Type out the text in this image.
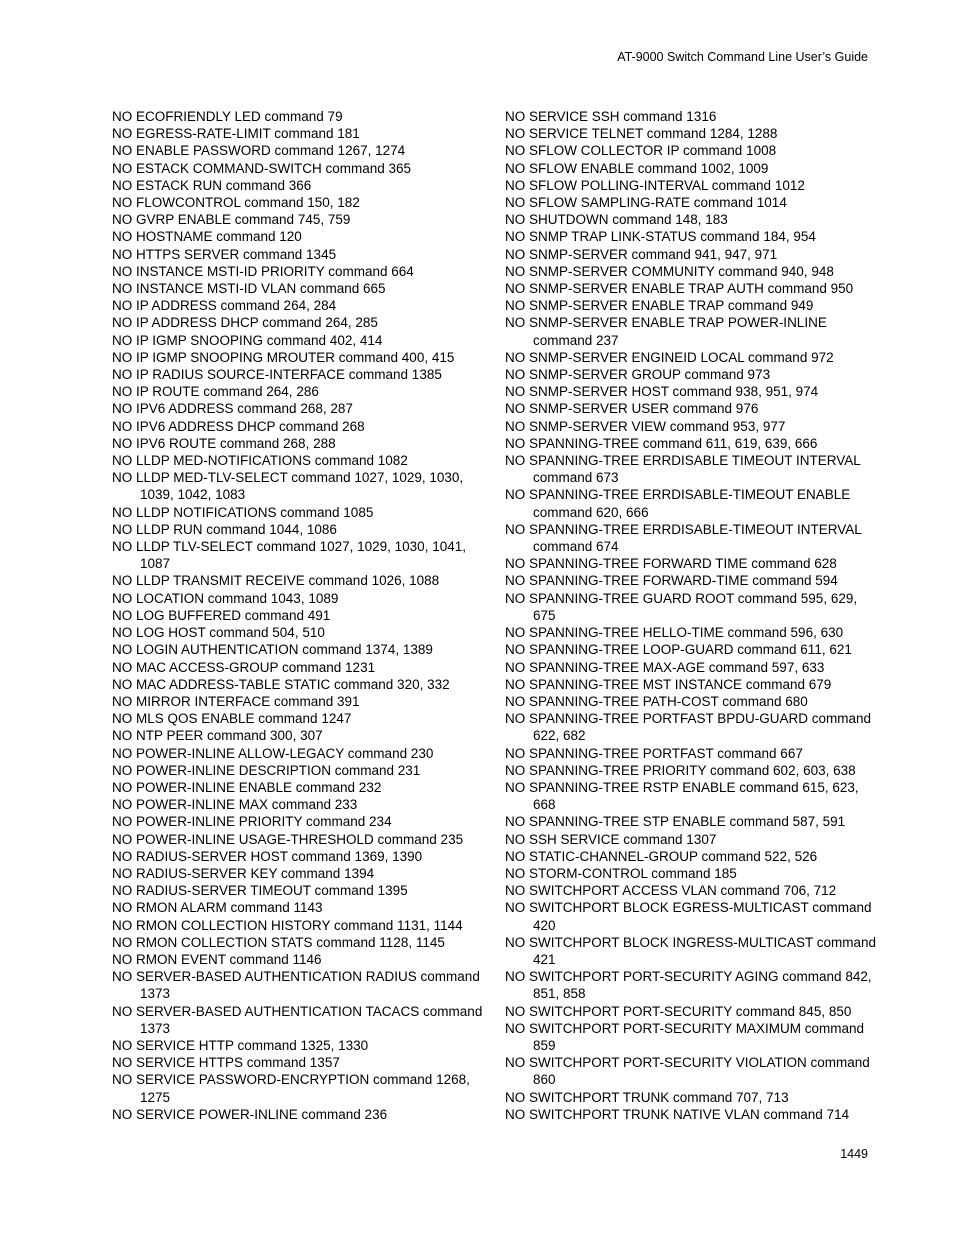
AT-9000 Switch Command Line User’s Guide
NO ECOFRIENDLY LED command 79
NO EGRESS-RATE-LIMIT command 181
NO ENABLE PASSWORD command 1267, 1274
NO ESTACK COMMAND-SWITCH command 365
NO ESTACK RUN command 366
NO FLOWCONTROL command 150, 182
NO GVRP ENABLE command 745, 759
NO HOSTNAME command 120
NO HTTPS SERVER command 1345
NO INSTANCE MSTI-ID PRIORITY command 664
NO INSTANCE MSTI-ID VLAN command 665
NO IP ADDRESS command 264, 284
NO IP ADDRESS DHCP command 264, 285
NO IP IGMP SNOOPING command 402, 414
NO IP IGMP SNOOPING MROUTER command 400, 415
NO IP RADIUS SOURCE-INTERFACE command 1385
NO IP ROUTE command 264, 286
NO IPV6 ADDRESS command 268, 287
NO IPV6 ADDRESS DHCP command 268
NO IPV6 ROUTE command 268, 288
NO LLDP MED-NOTIFICATIONS command 1082
NO LLDP MED-TLV-SELECT command 1027, 1029, 1030, 1039, 1042, 1083
NO LLDP NOTIFICATIONS command 1085
NO LLDP RUN command 1044, 1086
NO LLDP TLV-SELECT command 1027, 1029, 1030, 1041, 1087
NO LLDP TRANSMIT RECEIVE command 1026, 1088
NO LOCATION command 1043, 1089
NO LOG BUFFERED command 491
NO LOG HOST command 504, 510
NO LOGIN AUTHENTICATION command 1374, 1389
NO MAC ACCESS-GROUP command 1231
NO MAC ADDRESS-TABLE STATIC command 320, 332
NO MIRROR INTERFACE command 391
NO MLS QOS ENABLE command 1247
NO NTP PEER command 300, 307
NO POWER-INLINE ALLOW-LEGACY command 230
NO POWER-INLINE DESCRIPTION command 231
NO POWER-INLINE ENABLE command 232
NO POWER-INLINE MAX command 233
NO POWER-INLINE PRIORITY command 234
NO POWER-INLINE USAGE-THRESHOLD command 235
NO RADIUS-SERVER HOST command 1369, 1390
NO RADIUS-SERVER KEY command 1394
NO RADIUS-SERVER TIMEOUT command 1395
NO RMON ALARM command 1143
NO RMON COLLECTION HISTORY command 1131, 1144
NO RMON COLLECTION STATS command 1128, 1145
NO RMON EVENT command 1146
NO SERVER-BASED AUTHENTICATION RADIUS command 1373
NO SERVER-BASED AUTHENTICATION TACACS command 1373
NO SERVICE HTTP command 1325, 1330
NO SERVICE HTTPS command 1357
NO SERVICE PASSWORD-ENCRYPTION command 1268, 1275
NO SERVICE POWER-INLINE command 236
NO SERVICE SSH command 1316
NO SERVICE TELNET command 1284, 1288
NO SFLOW COLLECTOR IP command 1008
NO SFLOW ENABLE command 1002, 1009
NO SFLOW POLLING-INTERVAL command 1012
NO SFLOW SAMPLING-RATE command 1014
NO SHUTDOWN command 148, 183
NO SNMP TRAP LINK-STATUS command 184, 954
NO SNMP-SERVER command 941, 947, 971
NO SNMP-SERVER COMMUNITY command 940, 948
NO SNMP-SERVER ENABLE TRAP AUTH command 950
NO SNMP-SERVER ENABLE TRAP command 949
NO SNMP-SERVER ENABLE TRAP POWER-INLINE command 237
NO SNMP-SERVER ENGINEID LOCAL command 972
NO SNMP-SERVER GROUP command 973
NO SNMP-SERVER HOST command 938, 951, 974
NO SNMP-SERVER USER command 976
NO SNMP-SERVER VIEW command 953, 977
NO SPANNING-TREE command 611, 619, 639, 666
NO SPANNING-TREE ERRDISABLE TIMEOUT INTERVAL command 673
NO SPANNING-TREE ERRDISABLE-TIMEOUT ENABLE command 620, 666
NO SPANNING-TREE ERRDISABLE-TIMEOUT INTERVAL command 674
NO SPANNING-TREE FORWARD TIME command 628
NO SPANNING-TREE FORWARD-TIME command 594
NO SPANNING-TREE GUARD ROOT command 595, 629, 675
NO SPANNING-TREE HELLO-TIME command 596, 630
NO SPANNING-TREE LOOP-GUARD command 611, 621
NO SPANNING-TREE MAX-AGE command 597, 633
NO SPANNING-TREE MST INSTANCE command 679
NO SPANNING-TREE PATH-COST command 680
NO SPANNING-TREE PORTFAST BPDU-GUARD command 622, 682
NO SPANNING-TREE PORTFAST command 667
NO SPANNING-TREE PRIORITY command 602, 603, 638
NO SPANNING-TREE RSTP ENABLE command 615, 623, 668
NO SPANNING-TREE STP ENABLE command 587, 591
NO SSH SERVICE command 1307
NO STATIC-CHANNEL-GROUP command 522, 526
NO STORM-CONTROL command 185
NO SWITCHPORT ACCESS VLAN command 706, 712
NO SWITCHPORT BLOCK EGRESS-MULTICAST command 420
NO SWITCHPORT BLOCK INGRESS-MULTICAST command 421
NO SWITCHPORT PORT-SECURITY AGING command 842, 851, 858
NO SWITCHPORT PORT-SECURITY command 845, 850
NO SWITCHPORT PORT-SECURITY MAXIMUM command 859
NO SWITCHPORT PORT-SECURITY VIOLATION command 860
NO SWITCHPORT TRUNK command 707, 713
NO SWITCHPORT TRUNK NATIVE VLAN command 714
1449
